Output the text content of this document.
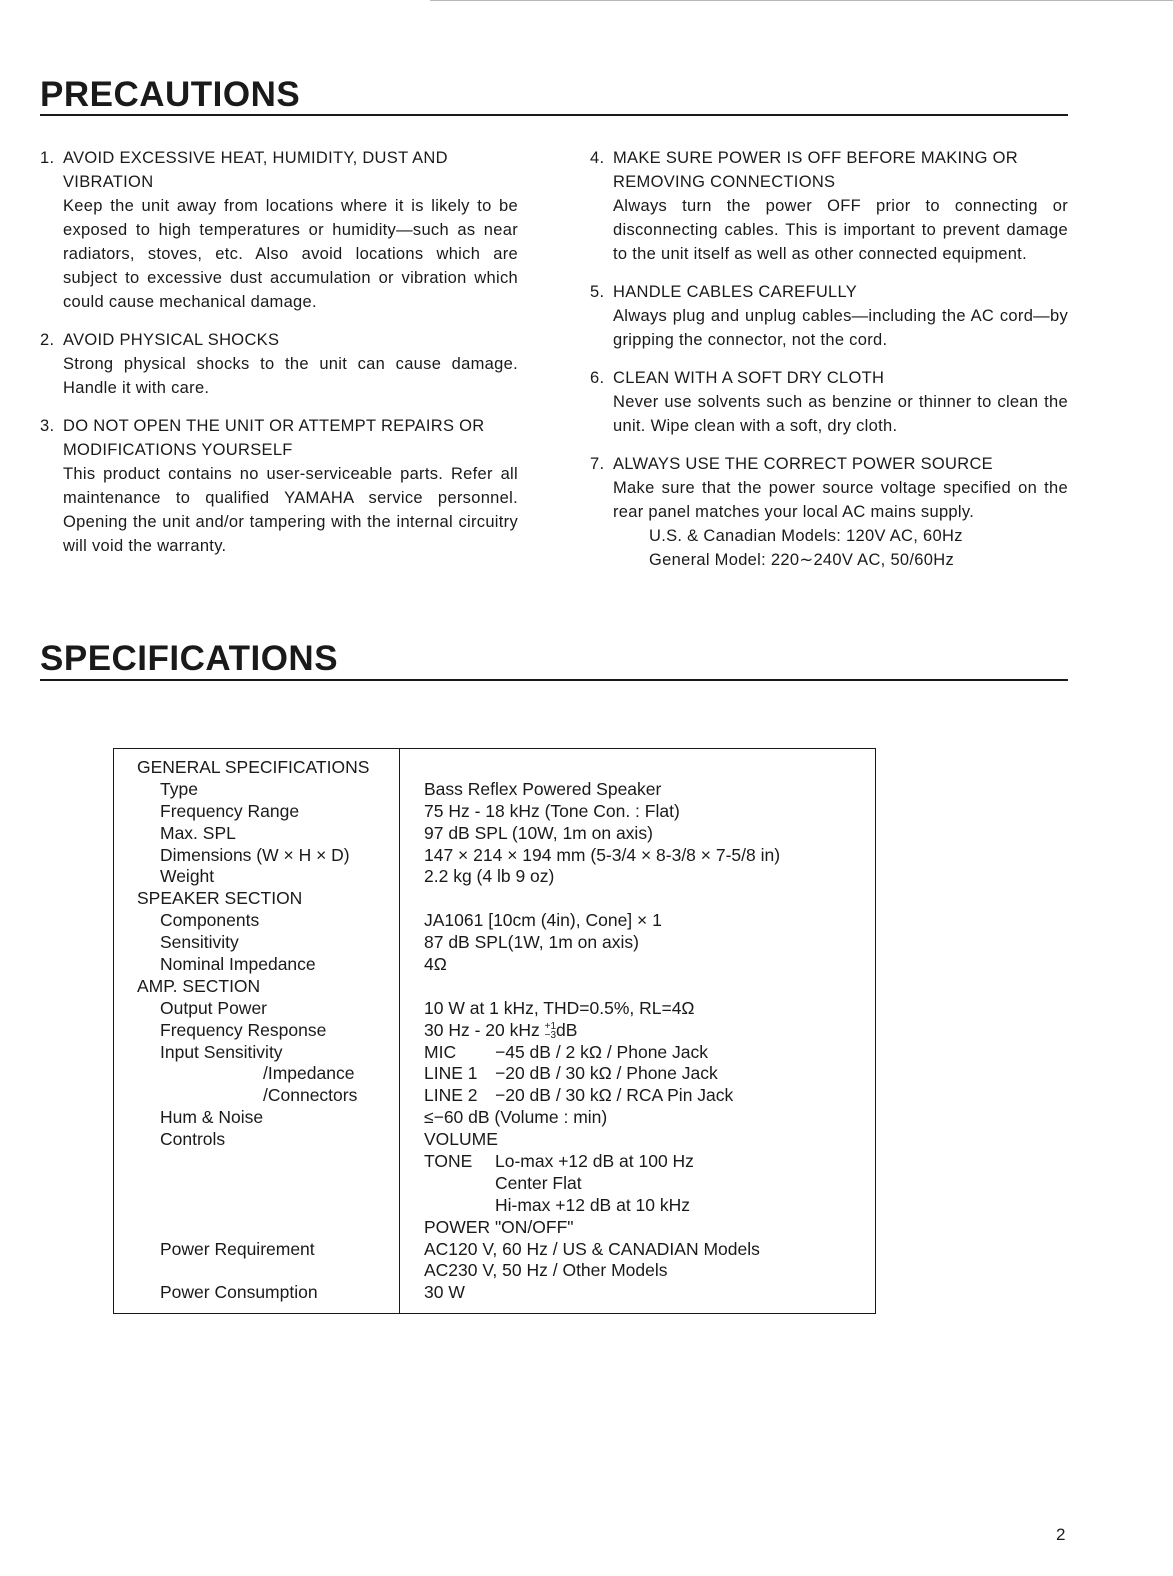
PRECAUTIONS
1. AVOID EXCESSIVE HEAT, HUMIDITY, DUST AND VIBRATION
Keep the unit away from locations where it is likely to be exposed to high temperatures or humidity—such as near radiators, stoves, etc. Also avoid locations which are subject to excessive dust accumulation or vibration which could cause mechanical damage.
2. AVOID PHYSICAL SHOCKS
Strong physical shocks to the unit can cause damage. Handle it with care.
3. DO NOT OPEN THE UNIT OR ATTEMPT REPAIRS OR MODIFICATIONS YOURSELF
This product contains no user-serviceable parts. Refer all maintenance to qualified YAMAHA service personnel. Opening the unit and/or tampering with the internal circuitry will void the warranty.
4. MAKE SURE POWER IS OFF BEFORE MAKING OR REMOVING CONNECTIONS
Always turn the power OFF prior to connecting or disconnecting cables. This is important to prevent damage to the unit itself as well as other connected equipment.
5. HANDLE CABLES CAREFULLY
Always plug and unplug cables—including the AC cord—by gripping the connector, not the cord.
6. CLEAN WITH A SOFT DRY CLOTH
Never use solvents such as benzine or thinner to clean the unit. Wipe clean with a soft, dry cloth.
7. ALWAYS USE THE CORRECT POWER SOURCE
Make sure that the power source voltage specified on the rear panel matches your local AC mains supply.
U.S. & Canadian Models: 120V AC, 60Hz
General Model: 220∼240V AC, 50/60Hz
SPECIFICATIONS
GENERAL SPECIFICATIONS
Type
Frequency Range
Max. SPL
Dimensions (W × H × D)
Weight
SPEAKER SECTION
Components
Sensitivity
Nominal Impedance
AMP. SECTION
Output Power
Frequency Response
Input Sensitivity
/Impedance
/Connectors
Hum & Noise
Controls
Power Requirement
Power Consumption
Bass Reflex Powered Speaker
75 Hz - 18 kHz (Tone Con. : Flat)
97 dB SPL (10W, 1m on axis)
147 × 214 × 194 mm (5-3/4 × 8-3/8 × 7-5/8 in)
2.2 kg (4 lb 9 oz)
JA1061 [10cm (4in), Cone] × 1
87 dB SPL(1W, 1m on axis)
4Ω
10 W at 1 kHz, THD=0.5%, RL=4Ω
30 Hz - 20 kHz +1
−3 dB
MIC −45 dB / 2 kΩ / Phone Jack
LINE 1 −20 dB / 30 kΩ / Phone Jack
LINE 2 −20 dB / 30 kΩ / RCA Pin Jack
≤−60 dB (Volume : min)
VOLUME
TONE Lo-max +12 dB at 100 Hz
Center Flat
Hi-max +12 dB at 10 kHz
POWER "ON/OFF"
AC120 V, 60 Hz / US & CANADIAN Models
AC230 V, 50 Hz / Other Models
30 W
2
